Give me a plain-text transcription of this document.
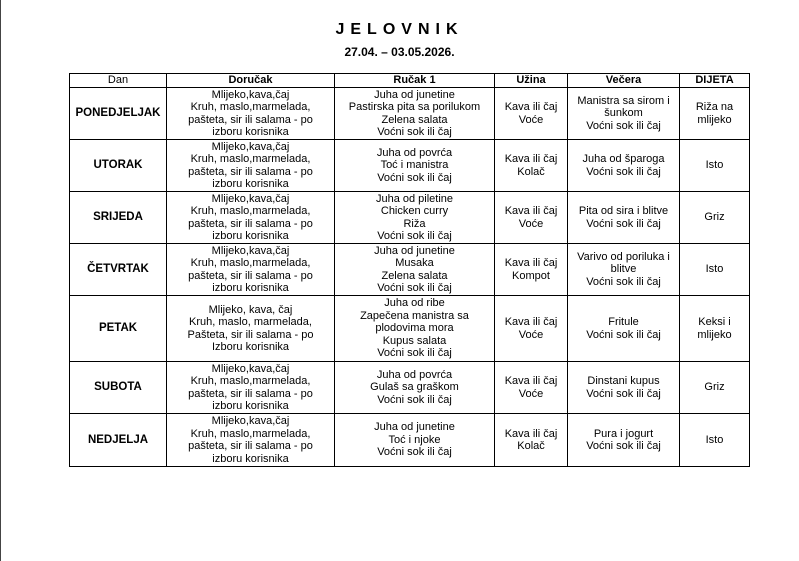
JELOVNIK
27.04. – 03.05.2026.
Dan	Doručak	Ručak 1	Užina	Večera	DIJETA
PONEDJELJAK	Mlijeko,kava,čaj
Kruh, maslo,marmelada,
pašteta, sir ili salama - po
izboru korisnika	Juha od junetine
Pastirska pita sa porilukom
Zelena salata
Voćni sok ili čaj	Kava ili čaj
Voće	Manistra sa sirom i
šunkom
Voćni sok ili čaj	Riža na
mlijeko

UTORAK	Mlijeko,kava,čaj
Kruh, maslo,marmelada,
pašteta, sir ili salama - po
izboru korisnika	Juha od povrća
Toć i manistra
Voćni sok ili čaj	Kava ili čaj
Kolač	Juha od šparoga
Voćni sok ili čaj	Isto

SRIJEDA	Mlijeko,kava,čaj
Kruh, maslo,marmelada,
pašteta, sir ili salama - po
izboru korisnika	Juha od piletine
Chicken curry
Riža
Voćni sok ili čaj	Kava ili čaj
Voće	Pita od sira i blitve
Voćni sok ili čaj	Griz

ČETVRTAK	Mlijeko,kava,čaj
Kruh, maslo,marmelada,
pašteta, sir ili salama - po
izboru korisnika	Juha od junetine
Musaka
Zelena salata
Voćni sok ili čaj	Kava ili čaj
Kompot	Varivo od poriluka i
blitve
Voćni sok ili čaj	Isto

PETAK	Mlijeko, kava, čaj
Kruh, maslo, marmelada,
Pašteta, sir ili salama - po
Izboru korisnika	Juha od ribe
Zapečena manistra sa
plodovima mora
Kupus salata
Voćni sok ili čaj	Kava ili čaj
Voće	Fritule
Voćni sok ili čaj	Keksi i
mlijeko

SUBOTA	Mlijeko,kava,čaj
Kruh, maslo,marmelada,
pašteta, sir ili salama - po
izboru korisnika	Juha od povrća
Gulaš sa graškom
Voćni sok ili čaj	Kava ili čaj
Voće	Dinstani kupus
Voćni sok ili čaj	Griz

NEDJELJA	Mlijeko,kava,čaj
Kruh, maslo,marmelada,
pašteta, sir ili salama - po
izboru korisnika	Juha od junetine
Toć i njoke
Voćni sok ili čaj	Kava ili čaj
Kolač	Pura i jogurt
Voćni sok ili čaj	Isto
